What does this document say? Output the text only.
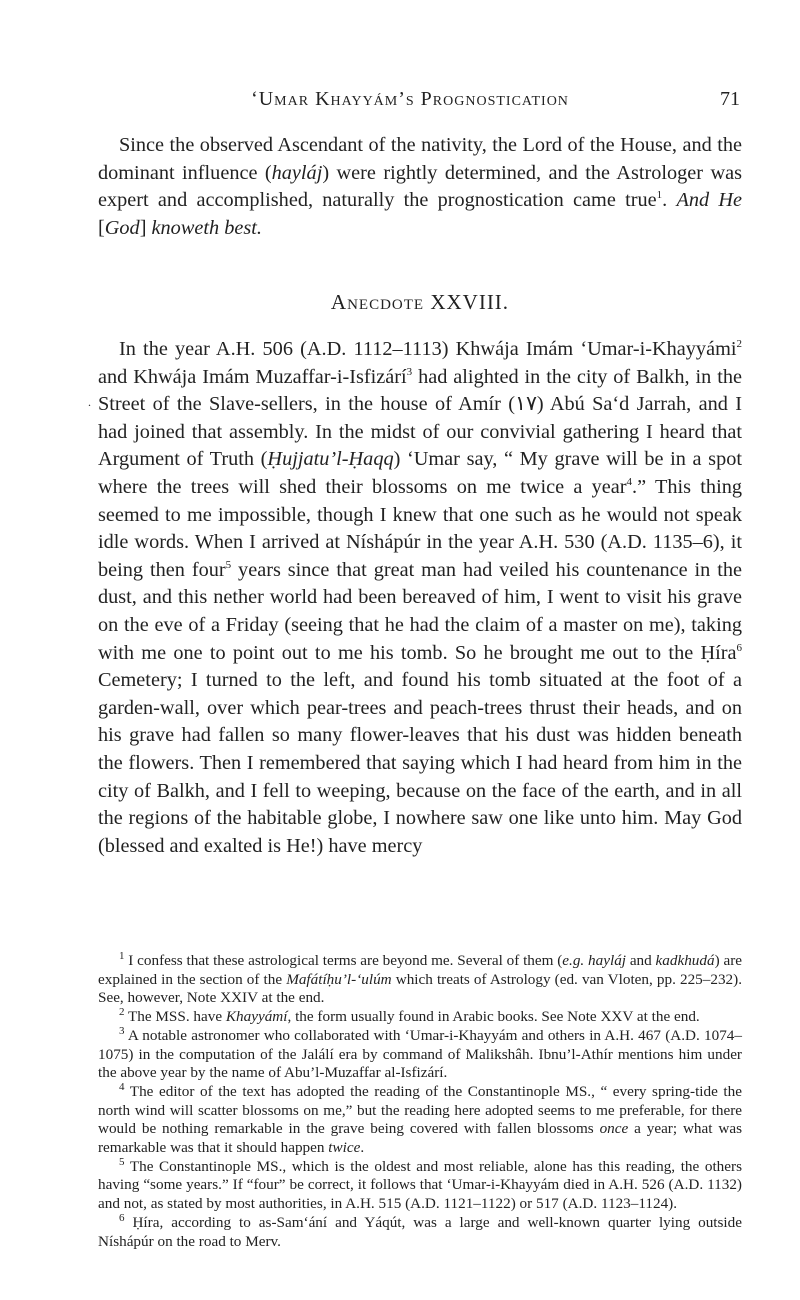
‘Umar Khayyám’s Prognostication	71

Since the observed Ascendant of the nativity, the Lord of the House, and the dominant influence (hayláj) were rightly determined, and the Astrologer was expert and accomplished, naturally the prognostication came true$^1$. And He [God] knoweth best.

Anecdote XXVIII.
.

In the year A.H. 506 (A.D. 1112–1113) Khwája Imám ‘Umar-i-Khayyámi$^2$ and Khwája Imám Muzaffar-i-Isfizárí$^3$ had alighted in the city of Balkh, in the Street of the Slave-sellers, in the house of Amír (١٧) Abú Sa‘d Jarrah, and I had joined that assembly. In the midst of our convivial gathering I heard that Argument of Truth (Ḥujjatu’l-Ḥaqq) ‘Umar say, “ My grave will be in a spot where the trees will shed their blossoms on me twice a year$^4$.” This thing seemed to me impossible, though I knew that one such as he would not speak idle words. When I arrived at Níshápúr in the year A.H. 530 (A.D. 1135–6), it being then four$^5$ years since that great man had veiled his countenance in the dust, and this nether world had been bereaved of him, I went to visit his grave on the eve of a Friday (seeing that he had the claim of a master on me), taking with me one to point out to me his tomb. So he brought me out to the Ḥíra$^6$ Cemetery; I turned to the left, and found his tomb situated at the foot of a garden-wall, over which pear-trees and peach-trees thrust their heads, and on his grave had fallen so many flower-leaves that his dust was hidden beneath the flowers. Then I remembered that saying which I had heard from him in the city of Balkh, and I fell to weeping, because on the face of the earth, and in all the regions of the habitable globe, I nowhere saw one like unto him. May God (blessed and exalted is He!) have mercy

$^1$ I confess that these astrological terms are beyond me. Several of them (e.g. hayláj and kadkhudá) are explained in the section of the Mafátíḥu’l-‘ulúm which treats of Astrology (ed. van Vloten, pp. 225–232). See, however, Note XXIV at the end.

$^2$ The MSS. have Khayyámí, the form usually found in Arabic books. See Note XXV at the end.

$^3$ A notable astronomer who collaborated with ‘Umar-i-Khayyám and others in A.H. 467 (A.D. 1074–1075) in the computation of the Jalálí era by command of Malikshâh. Ibnu’l-Athír mentions him under the above year by the name of Abu’l-Muzaffar al-Isfizárí.

$^4$ The editor of the text has adopted the reading of the Constantinople MS., “ every spring-tide the north wind will scatter blossoms on me,” but the reading here adopted seems to me preferable, for there would be nothing remarkable in the grave being covered with fallen blossoms once a year; what was remarkable was that it should happen twice.

$^5$ The Constantinople MS., which is the oldest and most reliable, alone has this reading, the others having “some years.” If “four” be correct, it follows that ‘Umar-i-Khayyám died in A.H. 526 (A.D. 1132) and not, as stated by most authorities, in A.H. 515 (A.D. 1121–1122) or 517 (A.D. 1123–1124).

$^6$ Ḥíra, according to as-Sam‘ání and Yáqút, was a large and well-known quarter lying outside Níshápúr on the road to Merv.
